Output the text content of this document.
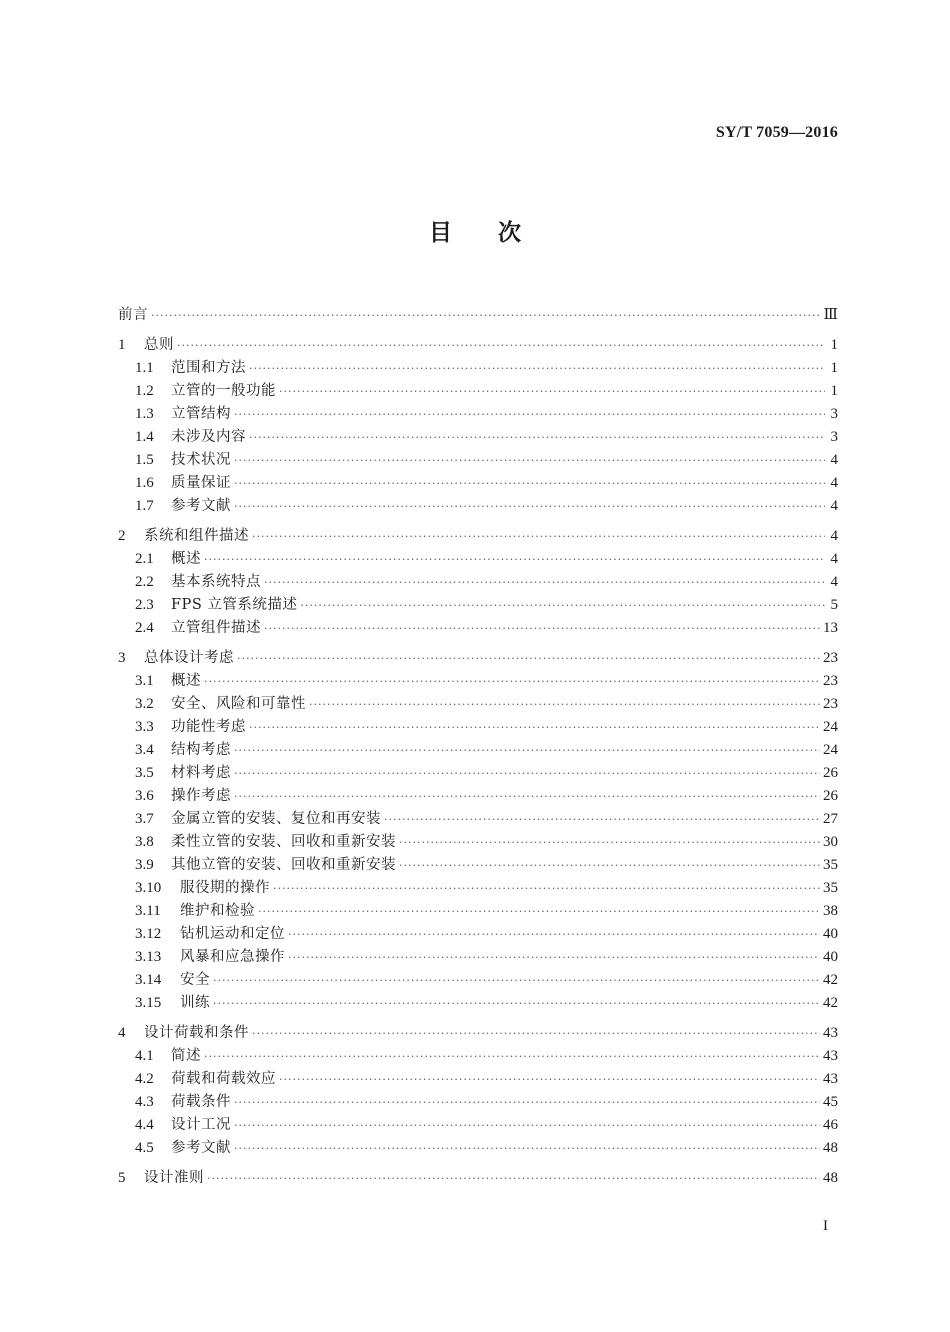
SY/T 7059—2016
目次
前言 ·····	Ⅲ
1	总则 ·····	1
1.1	范围和方法 ·····	1
1.2	立管的一般功能 ·····	1
1.3	立管结构 ·····	3
1.4	未涉及内容 ·····	3
1.5	技术状况 ·····	4
1.6	质量保证 ·····	4
1.7	参考文献 ·····	4
2	系统和组件描述 ·····	4
2.1	概述 ·····	4
2.2	基本系统特点 ·····	4
2.3	FPS 立管系统描述 ·····	5
2.4	立管组件描述 ·····	13
3	总体设计考虑 ·····	23
3.1	概述 ·····	23
3.2	安全、风险和可靠性 ·····	23
3.3	功能性考虑 ·····	24
3.4	结构考虑 ·····	24
3.5	材料考虑 ·····	26
3.6	操作考虑 ·····	26
3.7	金属立管的安装、复位和再安装 ·····	27
3.8	柔性立管的安装、回收和重新安装 ·····	30
3.9	其他立管的安装、回收和重新安装 ·····	35
3.10	服役期的操作 ·····	35
3.11	维护和检验 ·····	38
3.12	钻机运动和定位 ·····	40
3.13	风暴和应急操作 ·····	40
3.14	安全 ·····	42
3.15	训练 ·····	42
4	设计荷载和条件 ·····	43
4.1	简述 ·····	43
4.2	荷载和荷载效应 ·····	43
4.3	荷载条件 ·····	45
4.4	设计工况 ·····	46
4.5	参考文献 ·····	48
5	设计准则 ·····	48
I
